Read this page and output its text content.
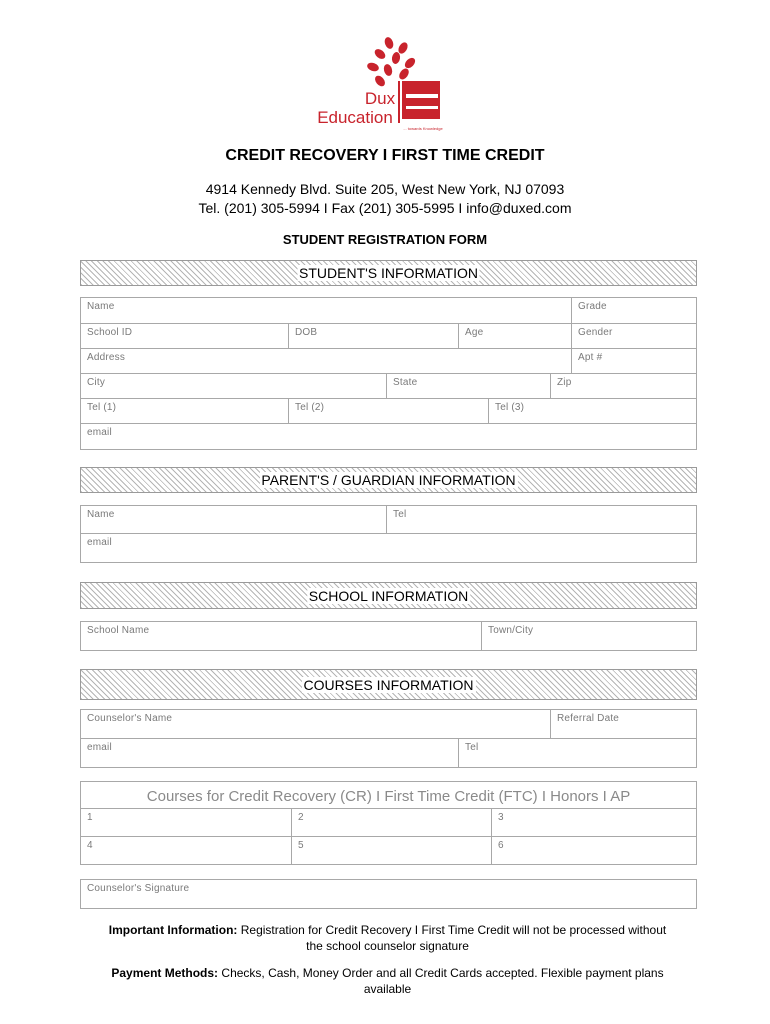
Dux
Education
... towards Knowledge
CREDIT RECOVERY I FIRST TIME CREDIT
4914 Kennedy Blvd. Suite 205, West New York, NJ 07093
Tel. (201) 305-5994 I Fax (201) 305-5995 I info@duxed.com
STUDENT REGISTRATION FORM
STUDENT'S INFORMATION
Name	Grade
School ID	DOB	Age	Gender
Address	Apt #
City	State	Zip
Tel (1)	Tel (2)	Tel (3)
email
PARENT'S / GUARDIAN INFORMATION
Name	Tel
email
SCHOOL INFORMATION
School Name	Town/City
COURSES INFORMATION
Counselor's Name	Referral Date
email	Tel
Courses for Credit Recovery (CR) I First Time Credit (FTC) I Honors I AP
1	2	3
4	5	6
Counselor's Signature
Important Information: Registration for Credit Recovery I First Time Credit will not be processed without the school counselor signature
Payment Methods: Checks, Cash, Money Order and all Credit Cards accepted. Flexible payment plans available
